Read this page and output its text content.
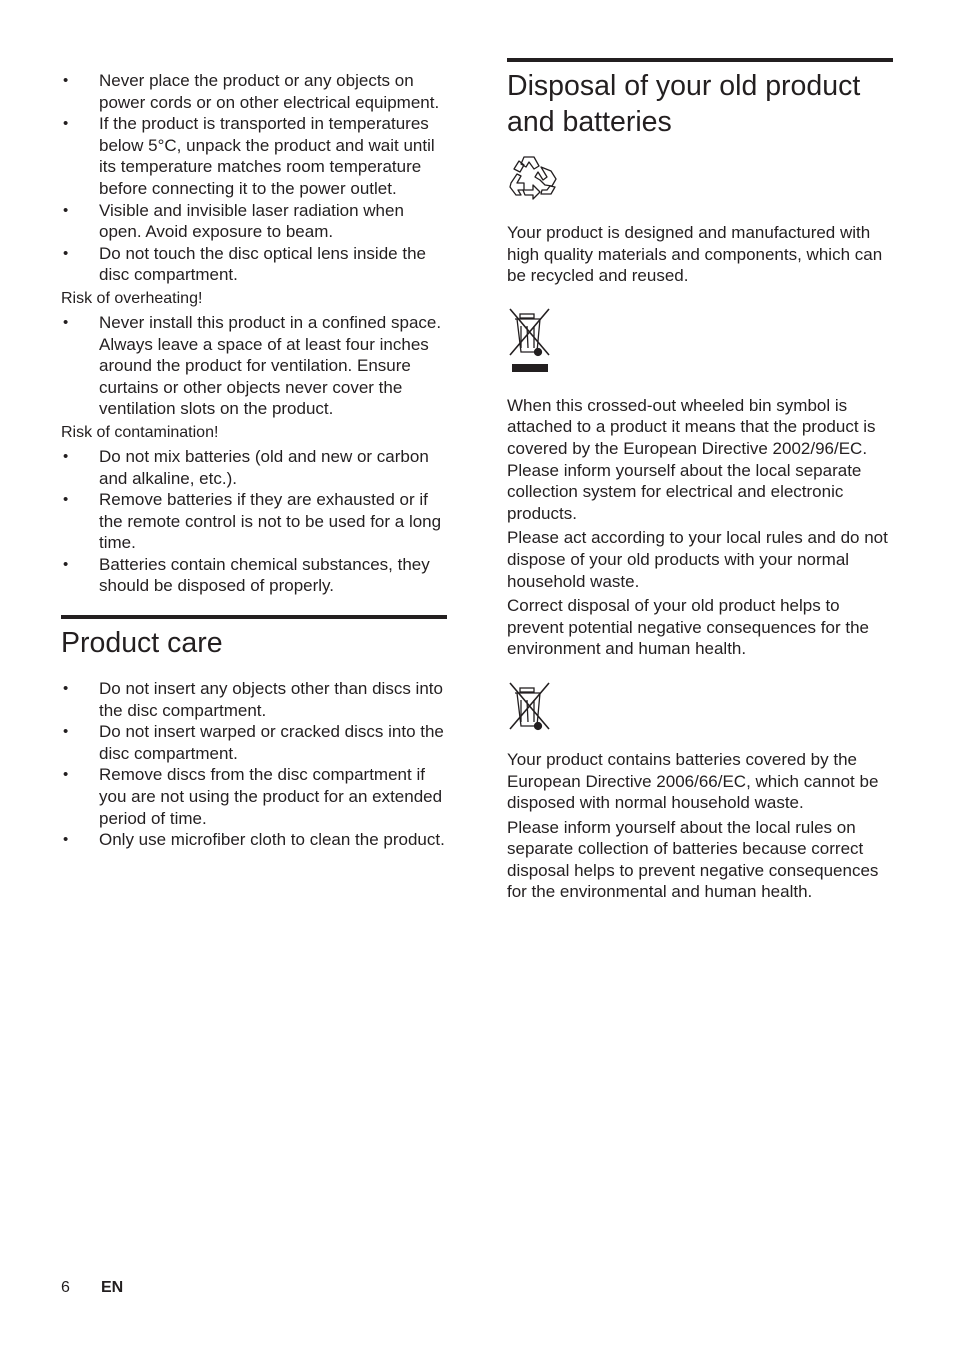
• Never place the product or any objects on power cords or on other electrical equipment.
• If the product is transported in temperatures below 5°C, unpack the product and wait until its temperature matches room temperature before connecting it to the power outlet.
• Visible and invisible laser radiation when open. Avoid exposure to beam.
• Do not touch the disc optical lens inside the disc compartment.
Risk of overheating!
• Never install this product in a confined space. Always leave a space of at least four inches around the product for ventilation. Ensure curtains or other objects never cover the ventilation slots on the product.
Risk of contamination!
• Do not mix batteries (old and new or carbon and alkaline, etc.).
• Remove batteries if they are exhausted or if the remote control is not to be used for a long time.
• Batteries contain chemical substances, they should be disposed of properly.
Product care
• Do not insert any objects other than discs into the disc compartment.
• Do not insert warped or cracked discs into the disc compartment.
• Remove discs from the disc compartment if you are not using the product for an extended period of time.
• Only use microfiber cloth to clean the product.
Disposal of your old product and batteries

Your product is designed and manufactured with high quality materials and components, which can be recycled and reused.

When this crossed-out wheeled bin symbol is attached to a product it means that the product is covered by the European Directive 2002/96/EC. Please inform yourself about the local separate collection system for electrical and electronic products.

Please act according to your local rules and do not dispose of your old products with your normal household waste.

Correct disposal of your old product helps to prevent potential negative consequences for the environment and human health.

Your product contains batteries covered by the European Directive 2006/66/EC, which cannot be disposed with normal household waste.

Please inform yourself about the local rules on separate collection of batteries because correct disposal helps to prevent negative consequences for the environmental and human health.

6 EN
